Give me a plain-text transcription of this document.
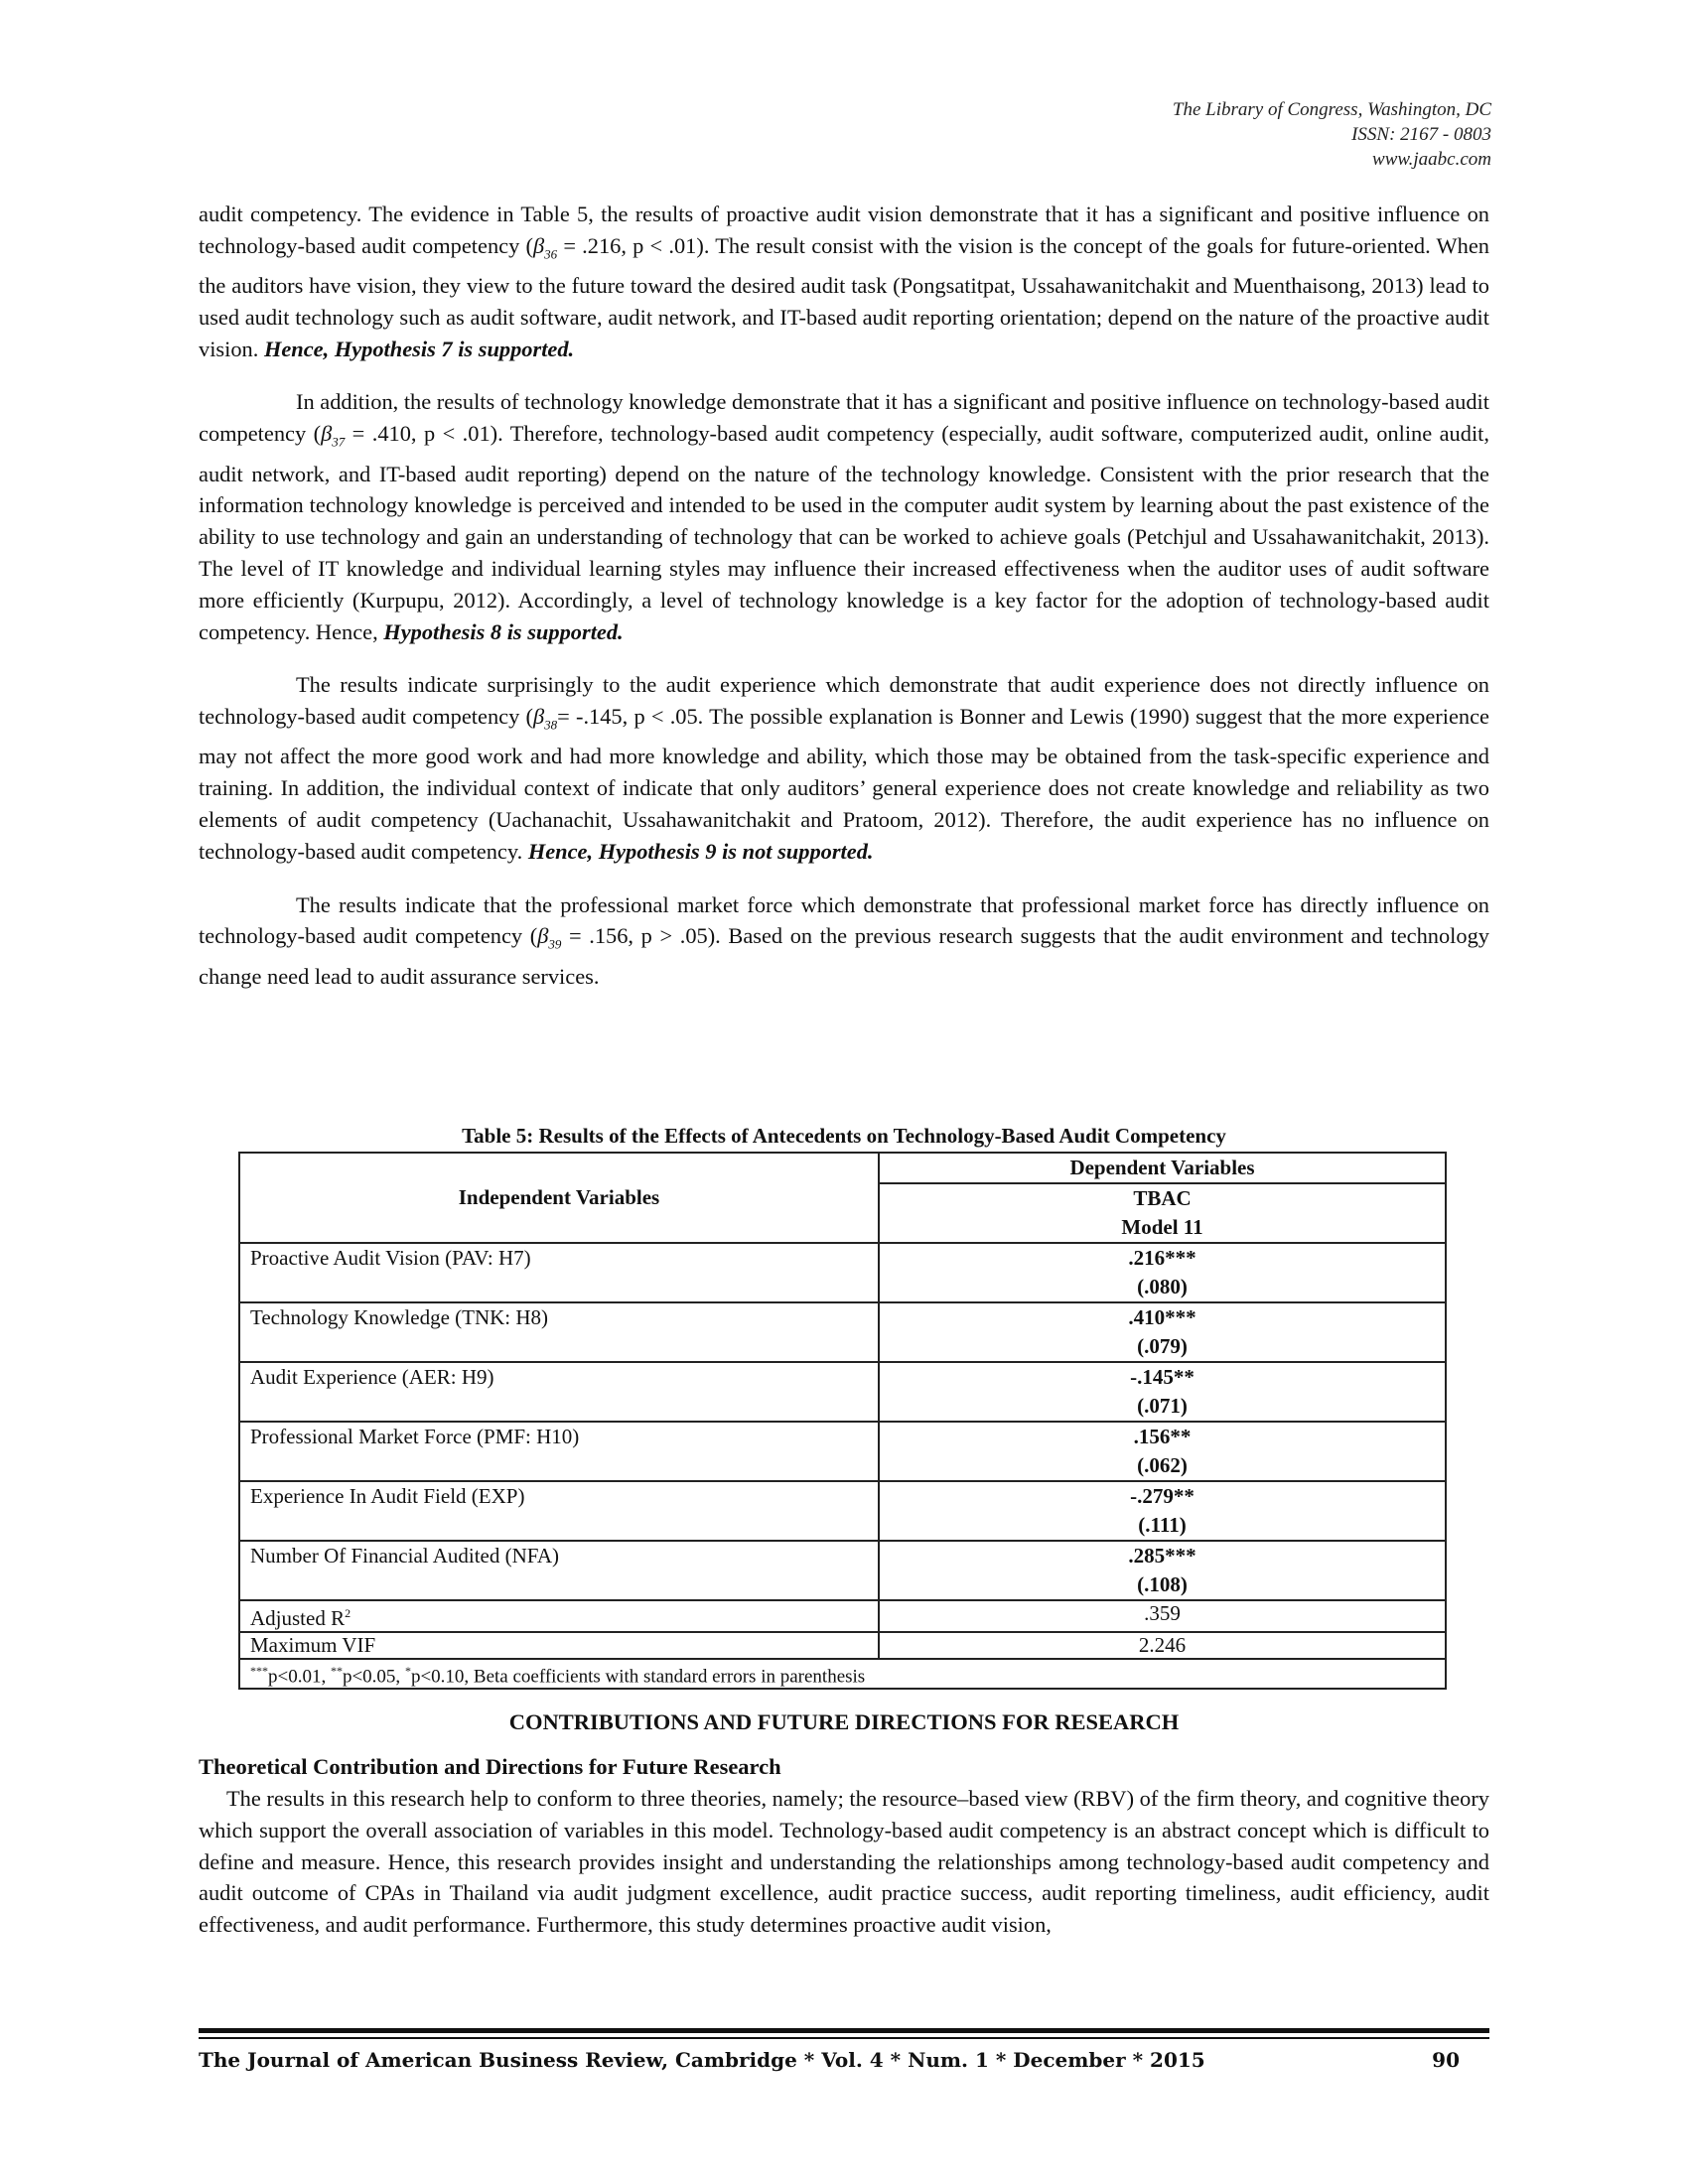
The Library of Congress, Washington, DC
ISSN: 2167 - 0803
www.jaabc.com

audit competency. The evidence in Table 5, the results of proactive audit vision demonstrate that it has a significant and positive influence on technology-based audit competency ($\beta_{36} = .216$, p < .01). The result consist with the vision is the concept of the goals for future-oriented. When the auditors have vision, they view to the future toward the desired audit task (Pongsatitpat, Ussahawanitchakit and Muenthaisong, 2013) lead to used audit technology such as audit software, audit network, and IT-based audit reporting orientation; depend on the nature of the proactive audit vision. Hence, Hypothesis 7 is supported.

In addition, the results of technology knowledge demonstrate that it has a significant and positive influence on technology-based audit competency ($\beta_{37} = .410$, p < .01). Therefore, technology-based audit competency (especially, audit software, computerized audit, online audit, audit network, and IT-based audit reporting) depend on the nature of the technology knowledge. Consistent with the prior research that the information technology knowledge is perceived and intended to be used in the computer audit system by learning about the past existence of the ability to use technology and gain an understanding of technology that can be worked to achieve goals (Petchjul and Ussahawanitchakit, 2013). The level of IT knowledge and individual learning styles may influence their increased effectiveness when the auditor uses of audit software more efficiently (Kurpupu, 2012). Accordingly, a level of technology knowledge is a key factor for the adoption of technology-based audit competency. Hence, Hypothesis 8 is supported.

The results indicate surprisingly to the audit experience which demonstrate that audit experience does not directly influence on technology-based audit competency ($\beta_{38}= -.145$, p < .05. The possible explanation is Bonner and Lewis (1990) suggest that the more experience may not affect the more good work and had more knowledge and ability, which those may be obtained from the task-specific experience and training. In addition, the individual context of indicate that only auditors’ general experience does not create knowledge and reliability as two elements of audit competency (Uachanachit, Ussahawanitchakit and Pratoom, 2012). Therefore, the audit experience has no influence on technology-based audit competency. Hence, Hypothesis 9 is not supported.

The results indicate that the professional market force which demonstrate that professional market force has directly influence on technology-based audit competency ($\beta_{39} = .156$, p > .05). Based on the previous research suggests that the audit environment and technology change need lead to audit assurance services.

Table 5: Results of the Effects of Antecedents on Technology-Based Audit Competency
Independent Variables	Dependent Variables
	TBAC
	Model 11
Proactive Audit Vision (PAV: H7)	.216***
(.080)

Technology Knowledge (TNK: H8)	.410***
(.079)

Audit Experience (AER: H9)	-.145**
(.071)

Professional Market Force (PMF: H10)	.156**
(.062)

Experience In Audit Field (EXP)	-.279**
(.111)

Number Of Financial Audited (NFA)	.285***
(.108)

Adjusted $R^2$	.359
Maximum VIF	2.246
***p<0.01, **p<0.05, *p<0.10, Beta coefficients with standard errors in parenthesis	
CONTRIBUTIONS AND FUTURE DIRECTIONS FOR RESEARCH
Theoretical Contribution and Directions for Future Research

The results in this research help to conform to three theories, namely; the resource–based view (RBV) of the firm theory, and cognitive theory which support the overall association of variables in this model. Technology-based audit competency is an abstract concept which is difficult to define and measure. Hence, this research provides insight and understanding the relationships among technology-based audit competency and audit outcome of CPAs in Thailand via audit judgment excellence, audit practice success, audit reporting timeliness, audit efficiency, audit effectiveness, and audit performance. Furthermore, this study determines proactive audit vision,

The Journal of American Business Review, Cambridge * Vol. 4 * Num. 1 * December * 2015	90
